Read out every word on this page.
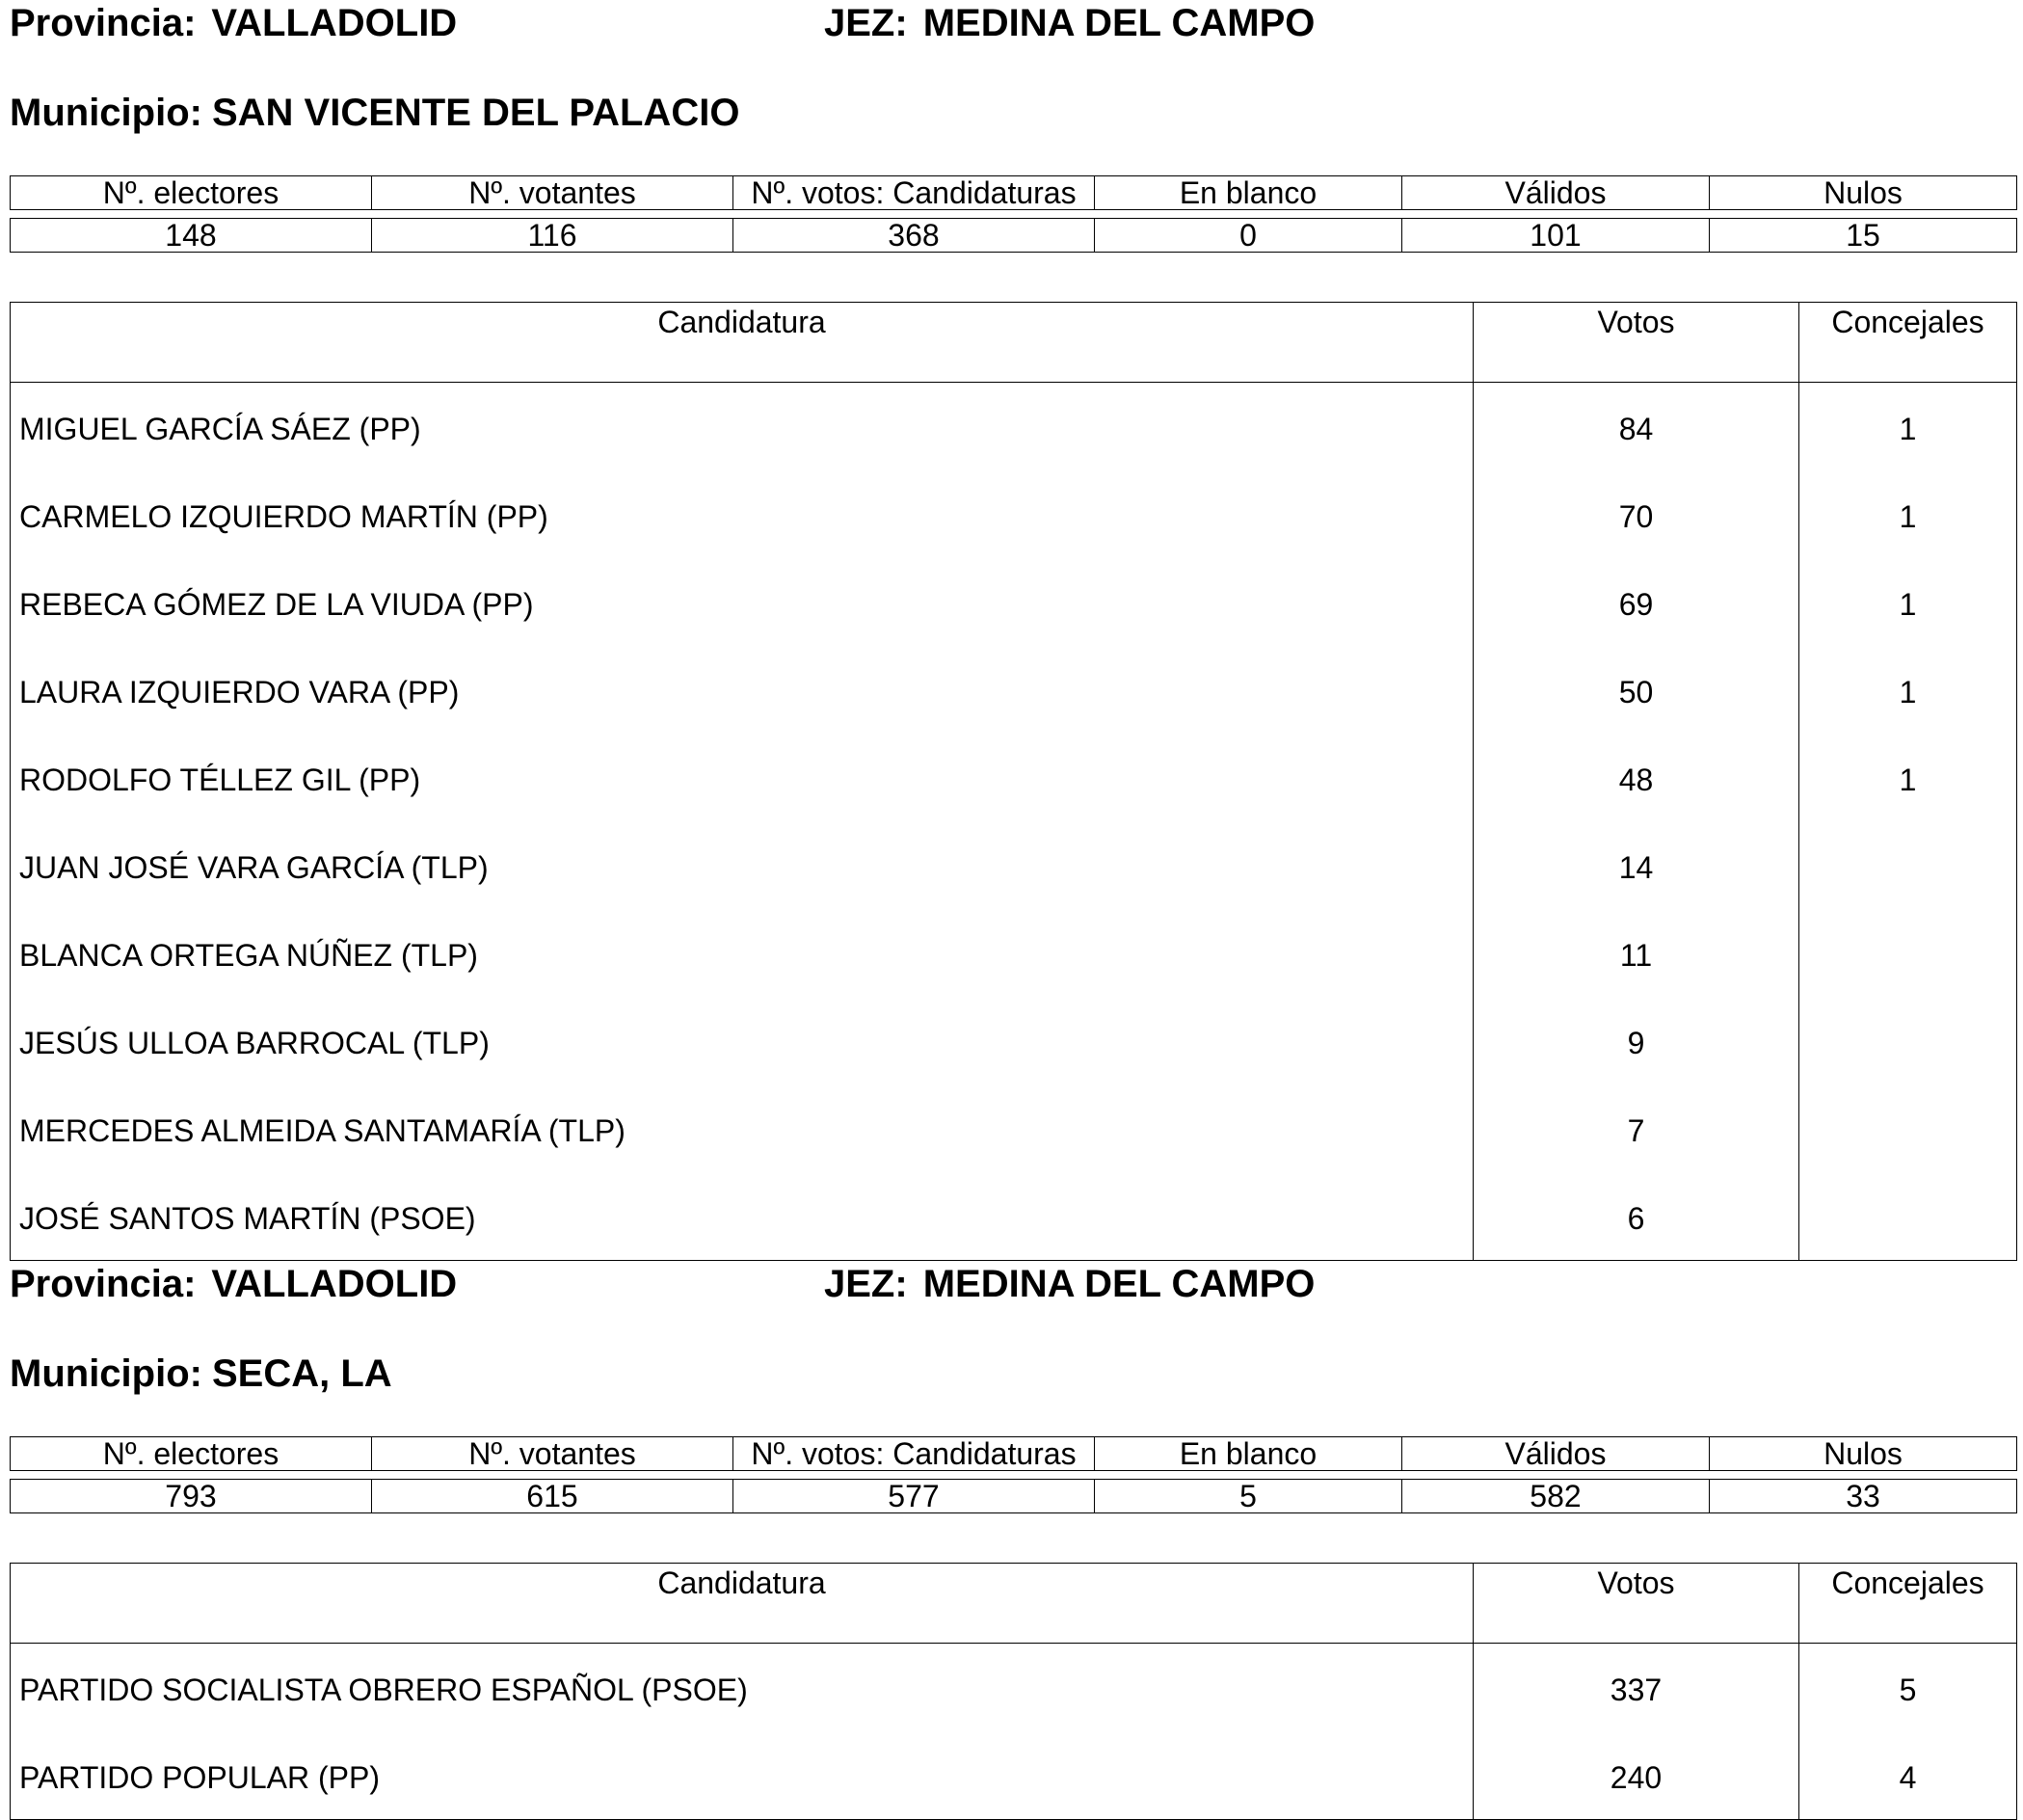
Provincia: VALLADOLID	JEZ: MEDINA DEL CAMPO
Municipio: SAN VICENTE DEL PALACIO
Nº. electores	Nº. votantes	Nº. votos: Candidaturas	En blanco	Válidos	Nulos

148	116	368	0	101	15
Candidatura	Votos	Concejales
MIGUEL GARCÍA SÁEZ (PP)	84	1
CARMELO IZQUIERDO MARTÍN (PP)	70	1
REBECA GÓMEZ DE LA VIUDA (PP)	69	1
LAURA IZQUIERDO VARA (PP)	50	1
RODOLFO TÉLLEZ GIL (PP)	48	1
JUAN JOSÉ VARA GARCÍA (TLP)	14	
BLANCA ORTEGA NÚÑEZ (TLP)	11	
JESÚS ULLOA BARROCAL (TLP)	9	
MERCEDES ALMEIDA SANTAMARÍA (TLP)	7	
JOSÉ SANTOS MARTÍN (PSOE)	6	
Provincia: VALLADOLID	JEZ: MEDINA DEL CAMPO
Municipio: SECA, LA
Nº. electores	Nº. votantes	Nº. votos: Candidaturas	En blanco	Válidos	Nulos

793	615	577	5	582	33
Candidatura	Votos	Concejales
PARTIDO SOCIALISTA OBRERO ESPAÑOL (PSOE)	337	5
PARTIDO POPULAR (PP)	240	4
